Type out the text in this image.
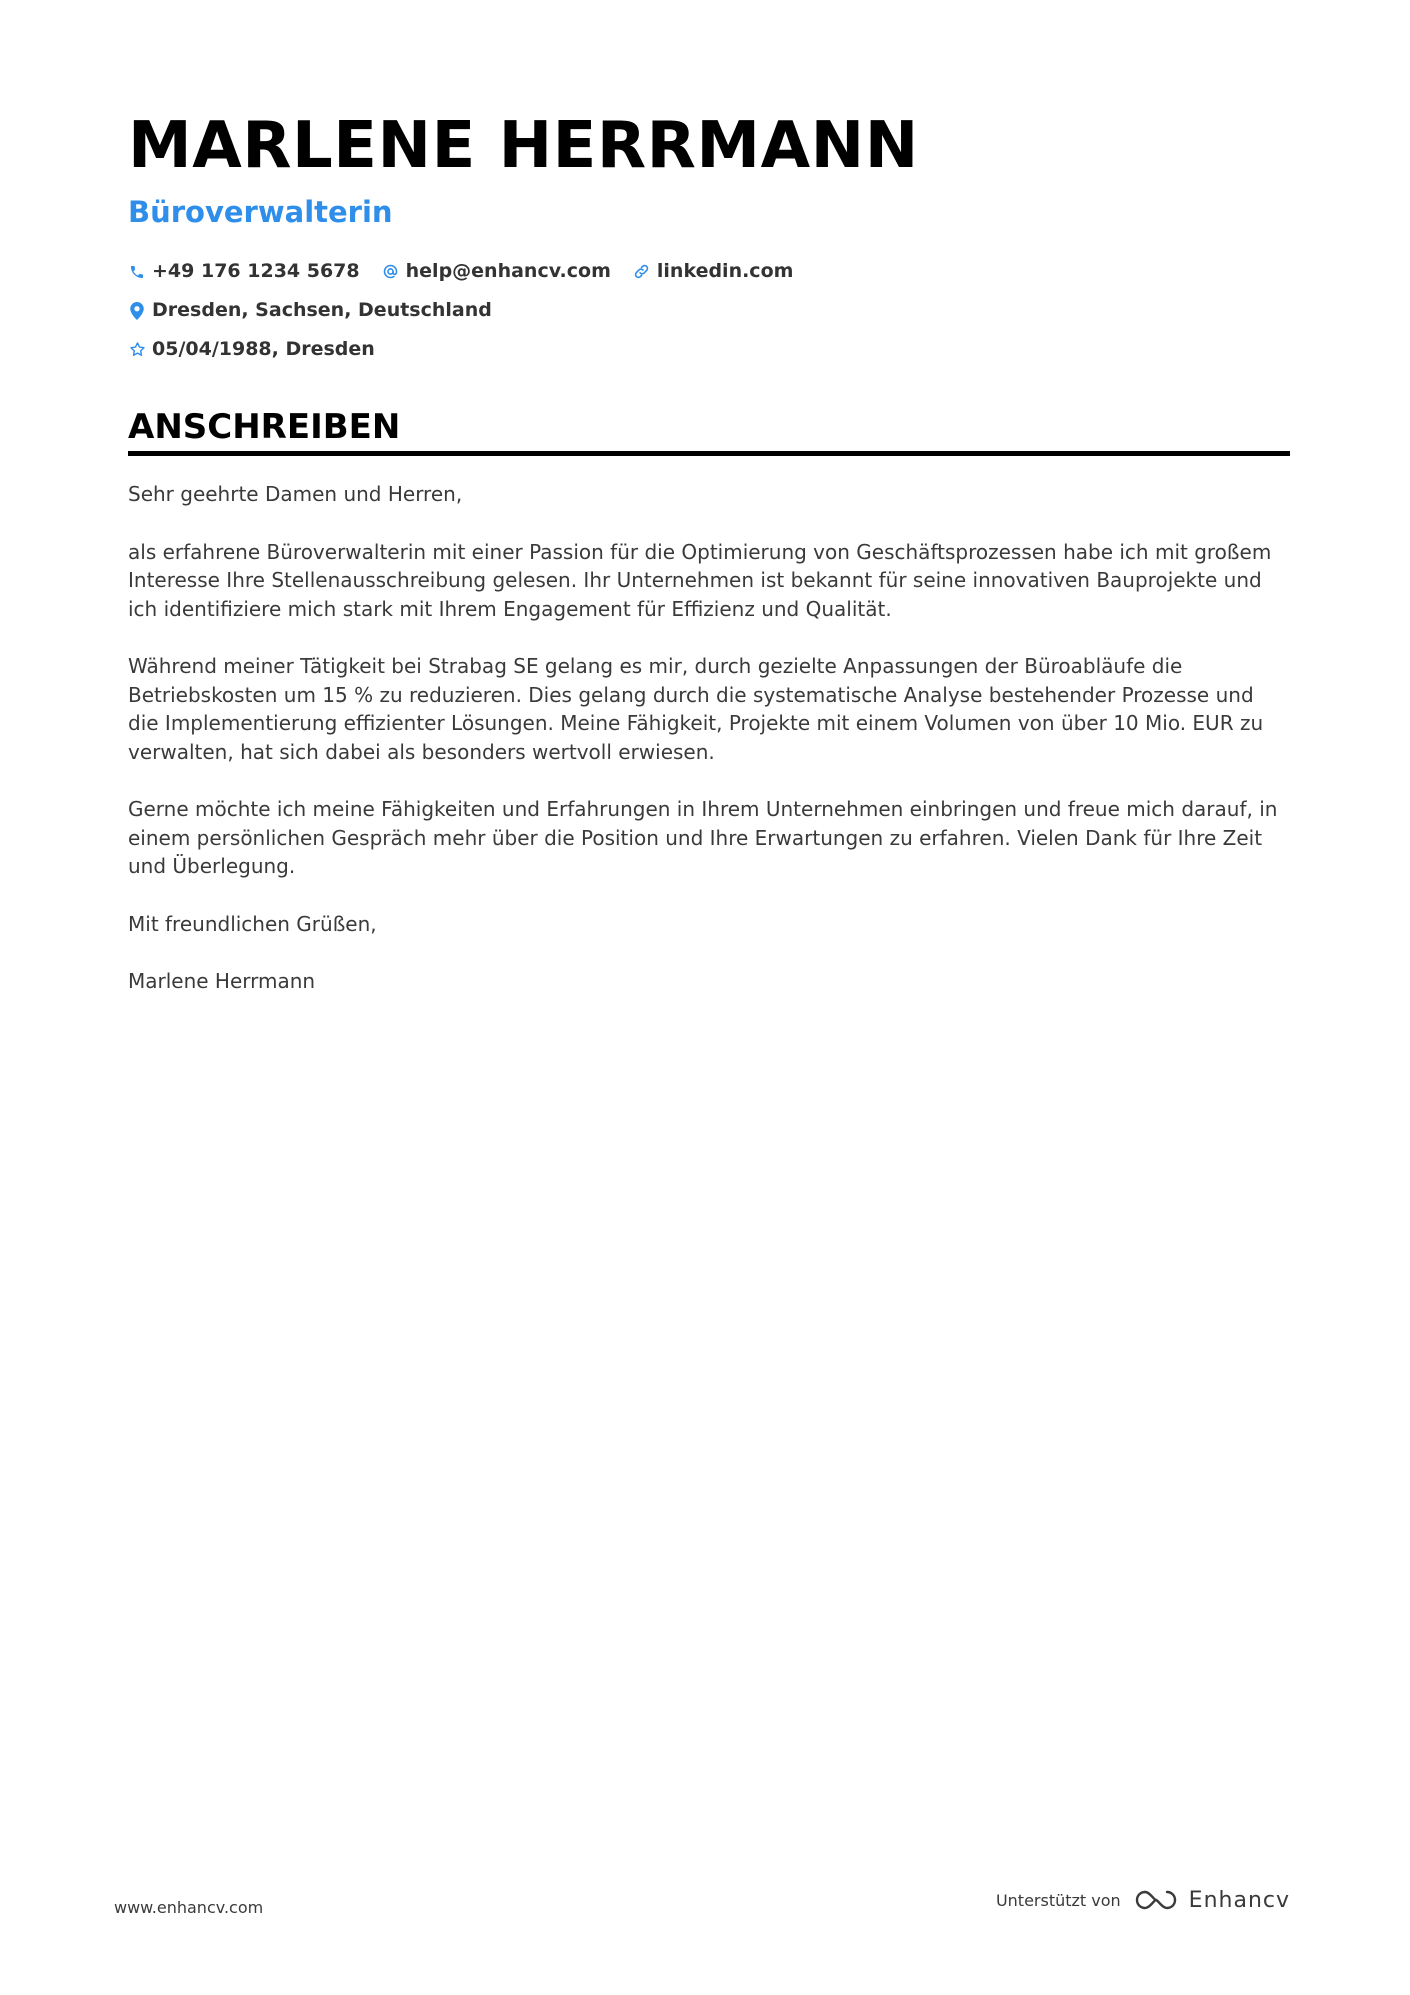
MARLENE HERRMANN
Büroverwalterin
+49 176 1234 5678 help@enhancv.com linkedin.com
Dresden, Sachsen, Deutschland
05/04/1988, Dresden
ANSCHREIBEN

Sehr geehrte Damen und Herren,

als erfahrene Büroverwalterin mit einer Passion für die Optimierung von Geschäftsprozessen habe ich mit großem Interesse Ihre Stellenausschreibung gelesen. Ihr Unternehmen ist bekannt für seine innovativen Bauprojekte und ich identifiziere mich stark mit Ihrem Engagement für Effizienz und Qualität.

Während meiner Tätigkeit bei Strabag SE gelang es mir, durch gezielte Anpassungen der Büroabläufe die Betriebskosten um 15 % zu reduzieren. Dies gelang durch die systematische Analyse bestehender Prozesse und die Implementierung effizienter Lösungen. Meine Fähigkeit, Projekte mit einem Volumen von über 10 Mio. EUR zu verwalten, hat sich dabei als besonders wertvoll erwiesen.

Gerne möchte ich meine Fähigkeiten und Erfahrungen in Ihrem Unternehmen einbringen und freue mich darauf, in einem persönlichen Gespräch mehr über die Position und Ihre Erwartungen zu erfahren. Vielen Dank für Ihre Zeit und Überlegung.

Mit freundlichen Grüßen,

Marlene Herrmann

www.enhancv.com	Unterstützt von	Enhancv
